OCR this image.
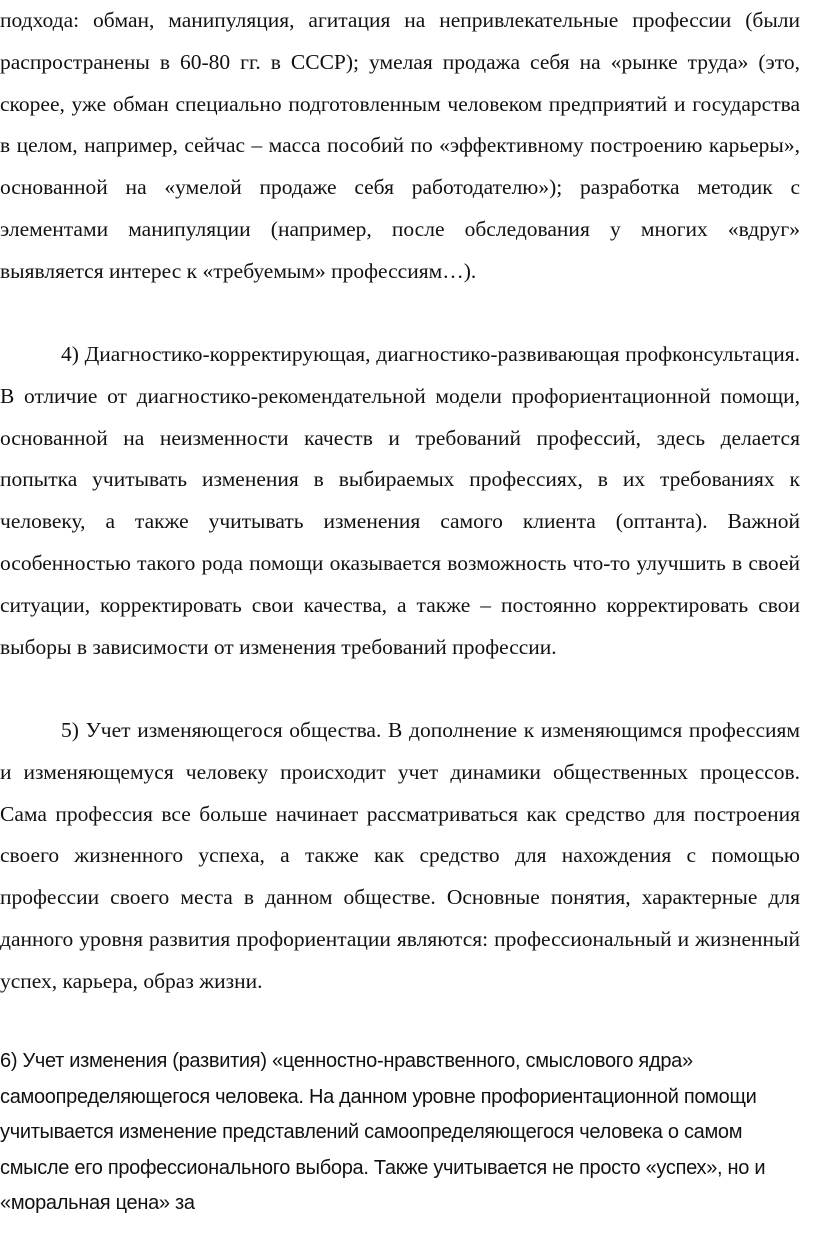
подхода: обман, манипуляция, агитация на непривлекательные профессии (были распространены в 60-80 гг. в СССР); умелая продажа себя на «рынке труда» (это, скорее, уже обман специально подготовленным человеком предприятий и государства в целом, например, сейчас – масса пособий по «эффективному построению карьеры», основанной на «умелой продаже себя работодателю»); разработка методик с элементами манипуляции (например, после обследования у многих «вдруг» выявляется интерес к «требуемым» профессиям…).

4) Диагностико-корректирующая, диагностико-развивающая профконсультация. В отличие от диагностико-рекомендательной модели профориентационной помощи, основанной на неизменности качеств и требований профессий, здесь делается попытка учитывать изменения в выбираемых профессиях, в их требованиях к человеку, а также учитывать изменения самого клиента (оптанта). Важной особенностью такого рода помощи оказывается возможность что-то улучшить в своей ситуации, корректировать свои качества, а также – постоянно корректировать свои выборы в зависимости от изменения требований профессии.

5) Учет изменяющегося общества. В дополнение к изменяющимся профессиям и изменяющемуся человеку происходит учет динамики общественных процессов. Сама профессия все больше начинает рассматриваться как средство для построения своего жизненного успеха, а также как средство для нахождения с помощью профессии своего места в данном обществе. Основные понятия, характерные для данного уровня развития профориентации являются: профессиональный и жизненный успех, карьера, образ жизни.

6) Учет изменения (развития) «ценностно-нравственного, смыслового ядра» самоопределяющегося человека. На данном уровне профориентационной помощи учитывается изменение представлений самоопределяющегося человека о самом смысле его профессионального выбора. Также учитывается не просто «успех», но и «моральная цена» за
